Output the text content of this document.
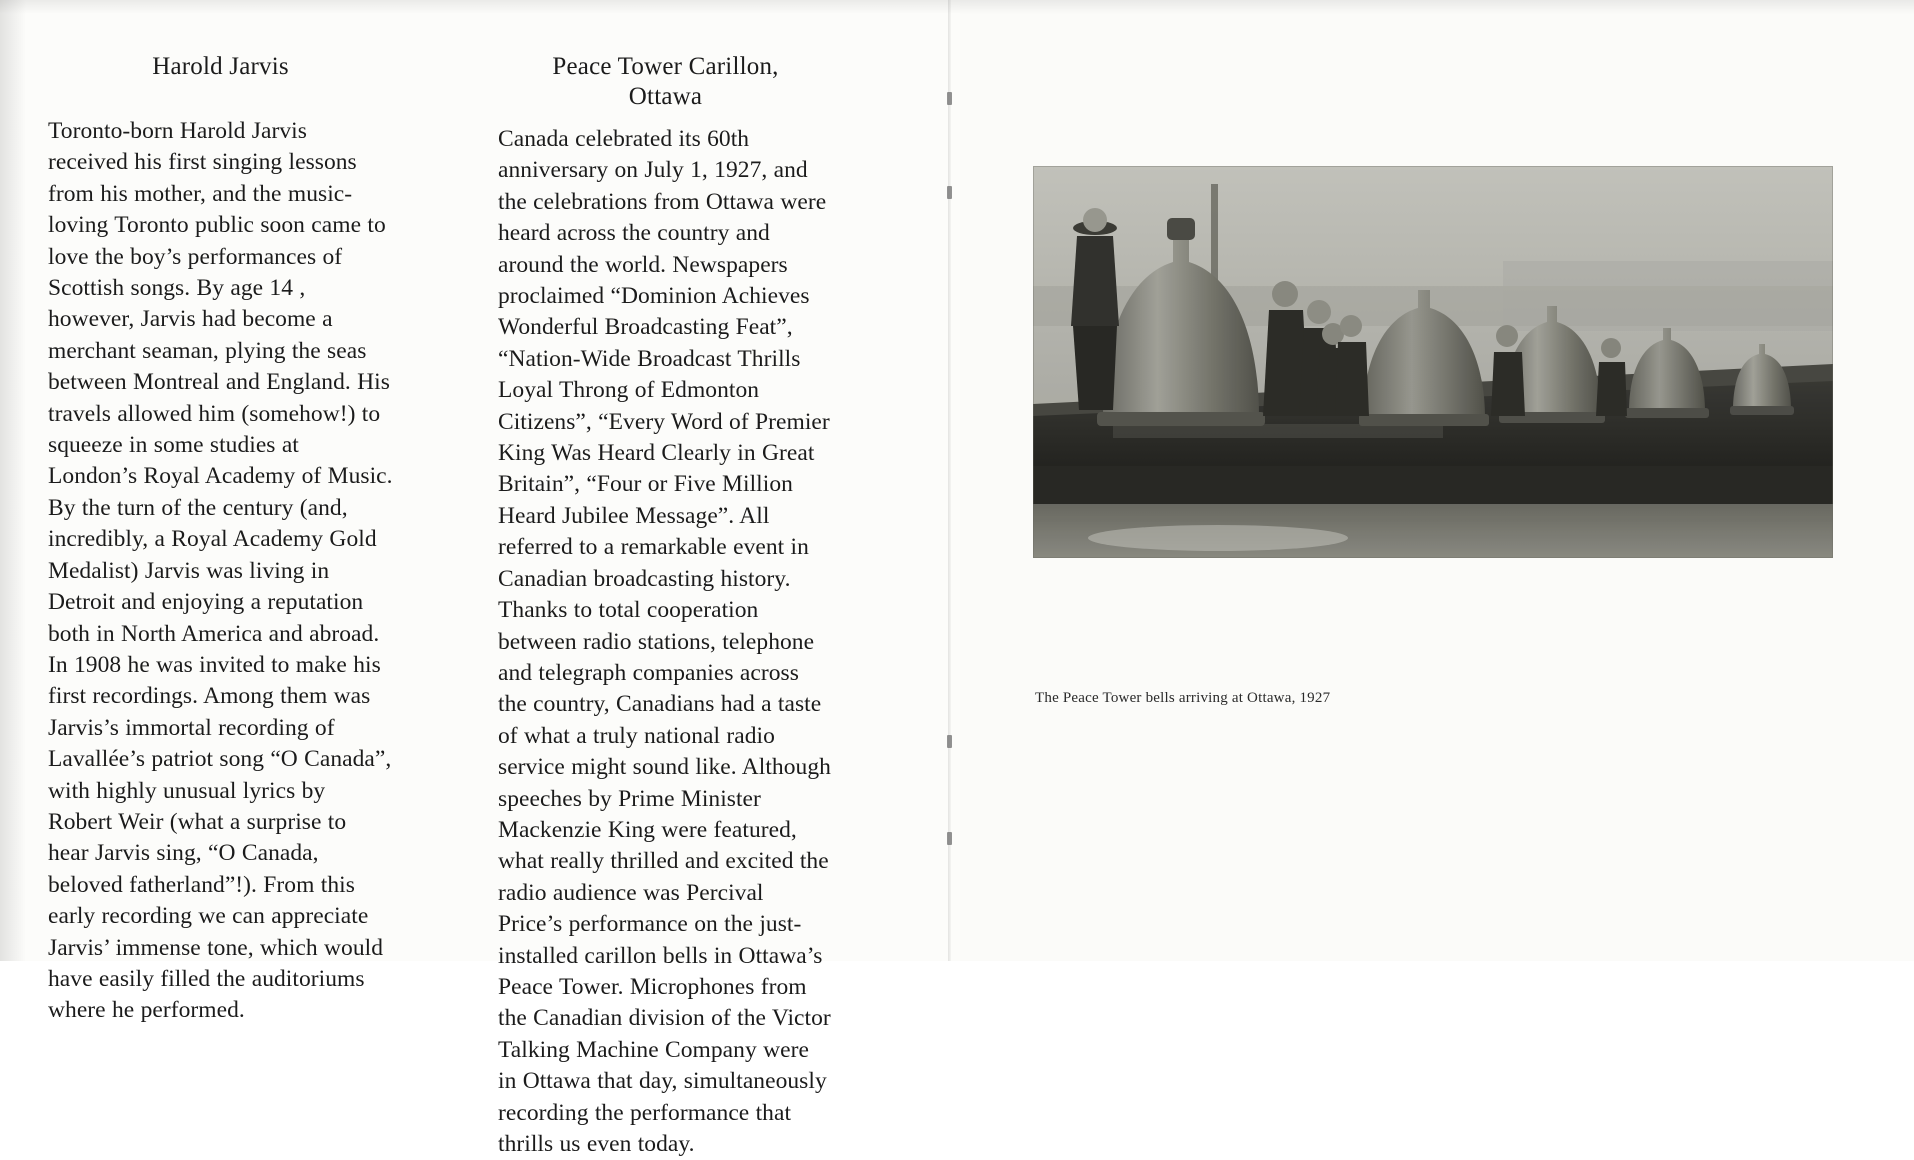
Harold Jarvis

Toronto-born Harold Jarvis received his first singing lessons from his mother, and the music-loving Toronto public soon came to love the boy’s performances of Scottish songs. By age 14 , however, Jarvis had become a merchant seaman, plying the seas between Montreal and England. His travels allowed him (somehow!) to squeeze in some studies at London’s Royal Academy of Music. By the turn of the century (and, incredibly, a Royal Academy Gold Medalist) Jarvis was living in Detroit and enjoying a reputation both in North America and abroad. In 1908 he was invited to make his first recordings. Among them was Jarvis’s immortal recording of Lavallée’s patriot song “O Canada”, with highly unusual lyrics by Robert Weir (what a surprise to hear Jarvis sing, “O Canada, beloved fatherland”!). From this early recording we can appreciate Jarvis’ immense tone, which would have easily filled the auditoriums where he performed.

Peace Tower Carillon,
Ottawa

Canada celebrated its 60th anniversary on July 1, 1927, and the celebrations from Ottawa were heard across the country and around the world. Newspapers proclaimed “Dominion Achieves Wonderful Broadcasting Feat”, “Nation-Wide Broadcast Thrills Loyal Throng of Edmonton Citizens”, “Every Word of Premier King Was Heard Clearly in Great Britain”, “Four or Five Million Heard Jubilee Message”. All referred to a remarkable event in Canadian broadcasting history. Thanks to total cooperation between radio stations, telephone and telegraph companies across the country, Canadians had a taste of what a truly national radio service might sound like. Although speeches by Prime Minister Mackenzie King were featured, what really thrilled and excited the radio audience was Percival Price’s performance on the just-installed carillon bells in Ottawa’s Peace Tower. Microphones from the Canadian division of the Victor Talking Machine Company were in Ottawa that day, simultaneously recording the performance that thrills us even today.

The Peace Tower bells arriving at Ottawa, 1927
